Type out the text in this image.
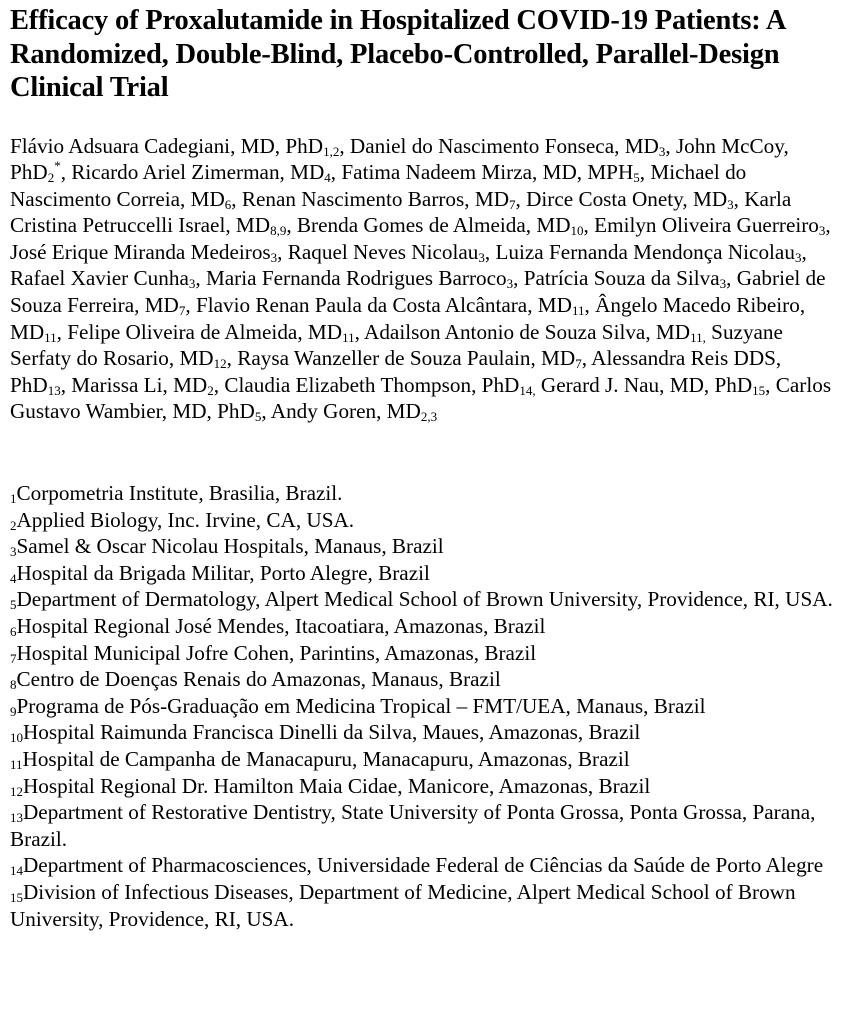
Efficacy of Proxalutamide in Hospitalized COVID-19 Patients: A Randomized, Double-Blind, Placebo-Controlled, Parallel-Design Clinical Trial

Flávio Adsuara Cadegiani, MD, PhD$_{1,2}$, Daniel do Nascimento Fonseca, $MD_3$, John McCoy, PhD$_2$*, Ricardo Ariel Zimerman, $MD_4$, Fatima Nadeem Mirza, MD, $MPH_5$, Michael do Nascimento Correia, $MD_6$, Renan Nascimento Barros, $MD_7$, Dirce Costa Onety, $MD_3$, Karla Cristina Petruccelli Israel, $MD_{8,9}$, Brenda Gomes de Almeida, $MD_{10}$, Emilyn Oliveira Guerreiro$_3$, José Erique Miranda Medeiros$_3$, Raquel Neves Nicolau$_3$, Luiza Fernanda Mendonça Nicolau$_3$, Rafael Xavier Cunha$_3$, Maria Fernanda Rodrigues Barroco$_3$, Patrícia Souza da Silva$_3$, Gabriel de Souza Ferreira, $MD_7$, Flavio Renan Paula da Costa Alcântara, $MD_{11}$, Ângelo Macedo Ribeiro, $MD_{11}$, Felipe Oliveira de Almeida, $MD_{11}$, Adailson Antonio de Souza Silva, $MD_{11,}$ Suzyane Serfaty do Rosario, $MD_{12}$, Raysa Wanzeller de Souza Paulain, $MD_7$, Alessandra Reis DDS, PhD$_{13}$, Marissa Li, $MD_2$, Claudia Elizabeth Thompson, PhD$_{14,}$ Gerard J. Nau, MD, PhD$_{15}$, Carlos Gustavo Wambier, MD, PhD$_5$, Andy Goren, $MD_{2,3}$

$_1$Corpometria Institute, Brasilia, Brazil.

$_2$Applied Biology, Inc. Irvine, CA, USA.

$_3$Samel & Oscar Nicolau Hospitals, Manaus, Brazil

$_4$Hospital da Brigada Militar, Porto Alegre, Brazil

$_5$Department of Dermatology, Alpert Medical School of Brown University, Providence, RI, USA.

$_6$Hospital Regional José Mendes, Itacoatiara, Amazonas, Brazil

$_7$Hospital Municipal Jofre Cohen, Parintins, Amazonas, Brazil

$_8$Centro de Doenças Renais do Amazonas, Manaus, Brazil

$_9$Programa de Pós-Graduação em Medicina Tropical – FMT/UEA, Manaus, Brazil

$_{10}$Hospital Raimunda Francisca Dinelli da Silva, Maues, Amazonas, Brazil

$_{11}$Hospital de Campanha de Manacapuru, Manacapuru, Amazonas, Brazil

$_{12}$Hospital Regional Dr. Hamilton Maia Cidae, Manicore, Amazonas, Brazil

$_{13}$Department of Restorative Dentistry, State University of Ponta Grossa, Ponta Grossa, Parana, Brazil.

$_{14}$Department of Pharmacosciences, Universidade Federal de Ciências da Saúde de Porto Alegre

$_{15}$Division of Infectious Diseases, Department of Medicine, Alpert Medical School of Brown University, Providence, RI, USA.
